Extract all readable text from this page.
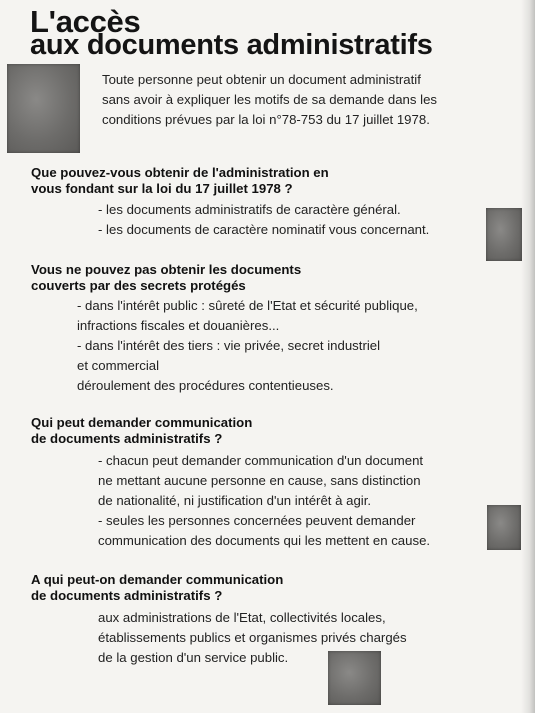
L'accès
aux documents administratifs

Toute personne peut obtenir un document administratif

sans avoir à expliquer les motifs de sa demande dans les

conditions prévues par la loi n°78-753 du 17 juillet 1978.

Que pouvez-vous obtenir de l'administration en
vous fondant sur la loi du 17 juillet 1978 ?
- les documents administratifs de caractère général.
- les documents de caractère nominatif vous concernant.
Vous ne pouvez pas obtenir les documents
couverts par des secrets protégés
- dans l'intérêt public : sûreté de l'Etat et sécurité publique,
infractions fiscales et douanières...
- dans l'intérêt des tiers : vie privée, secret industriel
et commercial
déroulement des procédures contentieuses.
Qui peut demander communication
de documents administratifs ?
- chacun peut demander communication d'un document
ne mettant aucune personne en cause, sans distinction
de nationalité, ni justification d'un intérêt à agir.
- seules les personnes concernées peuvent demander
communication des documents qui les mettent en cause.
A qui peut-on demander communication
de documents administratifs ?
aux administrations de l'Etat, collectivités locales,
établissements publics et organismes privés chargés
de la gestion d'un service public.
